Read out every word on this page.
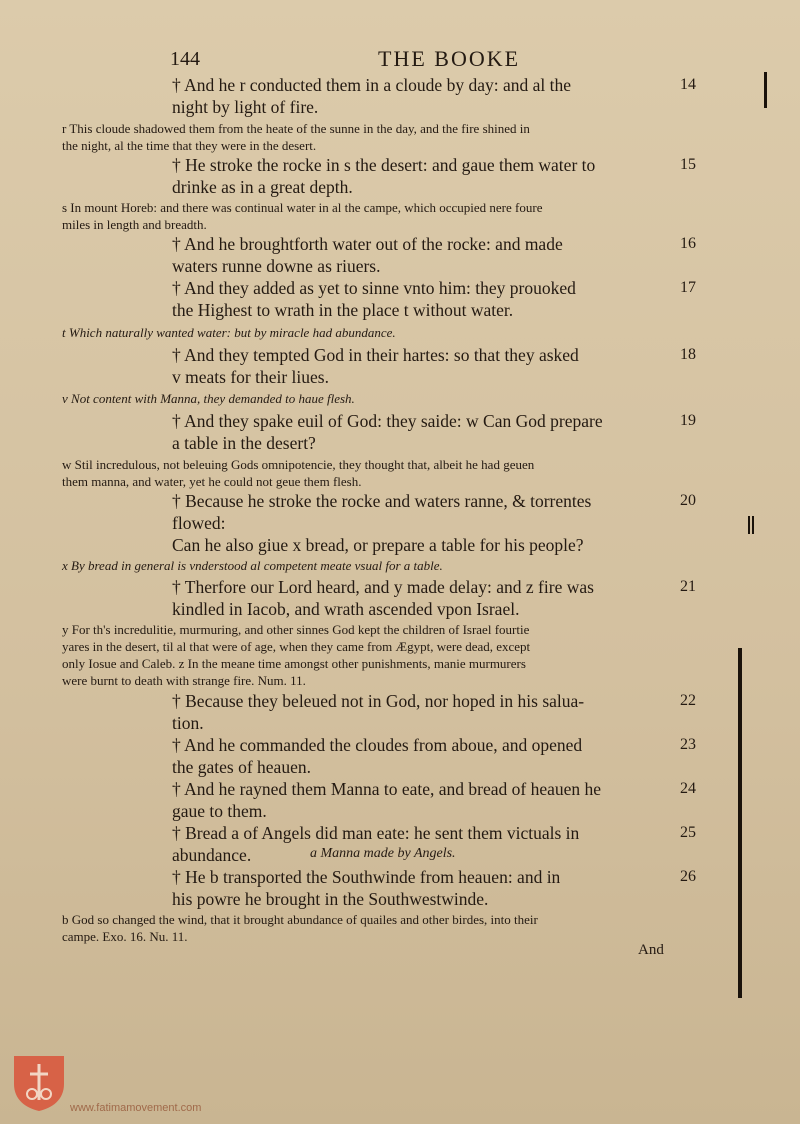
144	THE BOOKE
† And he r conducted them in a cloude by day: and al the	14
night by light of fire.
r This cloude shadowed them from the heate of the sunne in the day, and the fire shined in
the night, al the time that they were in the desert.
† He stroke the rocke in s the desert: and gaue them water to	15
drinke as in a great depth.
s In mount Horeb: and there was continual water in al the campe, which occupied nere foure
miles in length and breadth.
† And he broughtforth water out of the rocke: and made	16
waters runne downe as riuers.
† And they added as yet to sinne vnto him: they prouoked	17
the Highest to wrath in the place t without water.
t Which naturally wanted water: but by miracle had abundance.
† And they tempted God in their hartes: so that they asked	18
v meats for their liues.
v Not content with Manna, they demanded to haue flesh.
† And they spake euil of God: they saide: w Can God prepare	19
a table in the desert?
w Stil incredulous, not beleuing Gods omnipotencie, they thought that, albeit he had geuen
them manna, and water, yet he could not geue them flesh.
† Because he stroke the rocke and waters ranne, & torrentes	20
flowed:
Can he also giue x bread, or prepare a table for his people?
x By bread in general is vnderstood al competent meate vsual for a table.
† Therfore our Lord heard, and y made delay: and z fire was	21
kindled in Iacob, and wrath ascended vpon Israel.
y For th's incredulitie, murmuring, and other sinnes God kept the children of Israel fourtie
yares in the desert, til al that were of age, when they came from Ægypt, were dead, except
only Iosue and Caleb. z In the meane time amongst other punishments, manie murmurers
were burnt to death with strange fire. Num. 11.
† Because they beleued not in God, nor hoped in his salua-	22
tion.
† And he commanded the cloudes from aboue, and opened	23
the gates of heauen.
† And he rayned them Manna to eate, and bread of heauen he	24
gaue to them.
† Bread a of Angels did man eate: he sent them victuals in	25
abundance.
† He b transported the Southwinde from heauen: and in	26
his powre he brought in the Southwestwinde.
b God so changed the wind, that it brought abundance of quailes and other birdes, into their
campe. Exo. 16. Nu. 11.
a Manna made by Angels.
And
www.fatimamovement.com
